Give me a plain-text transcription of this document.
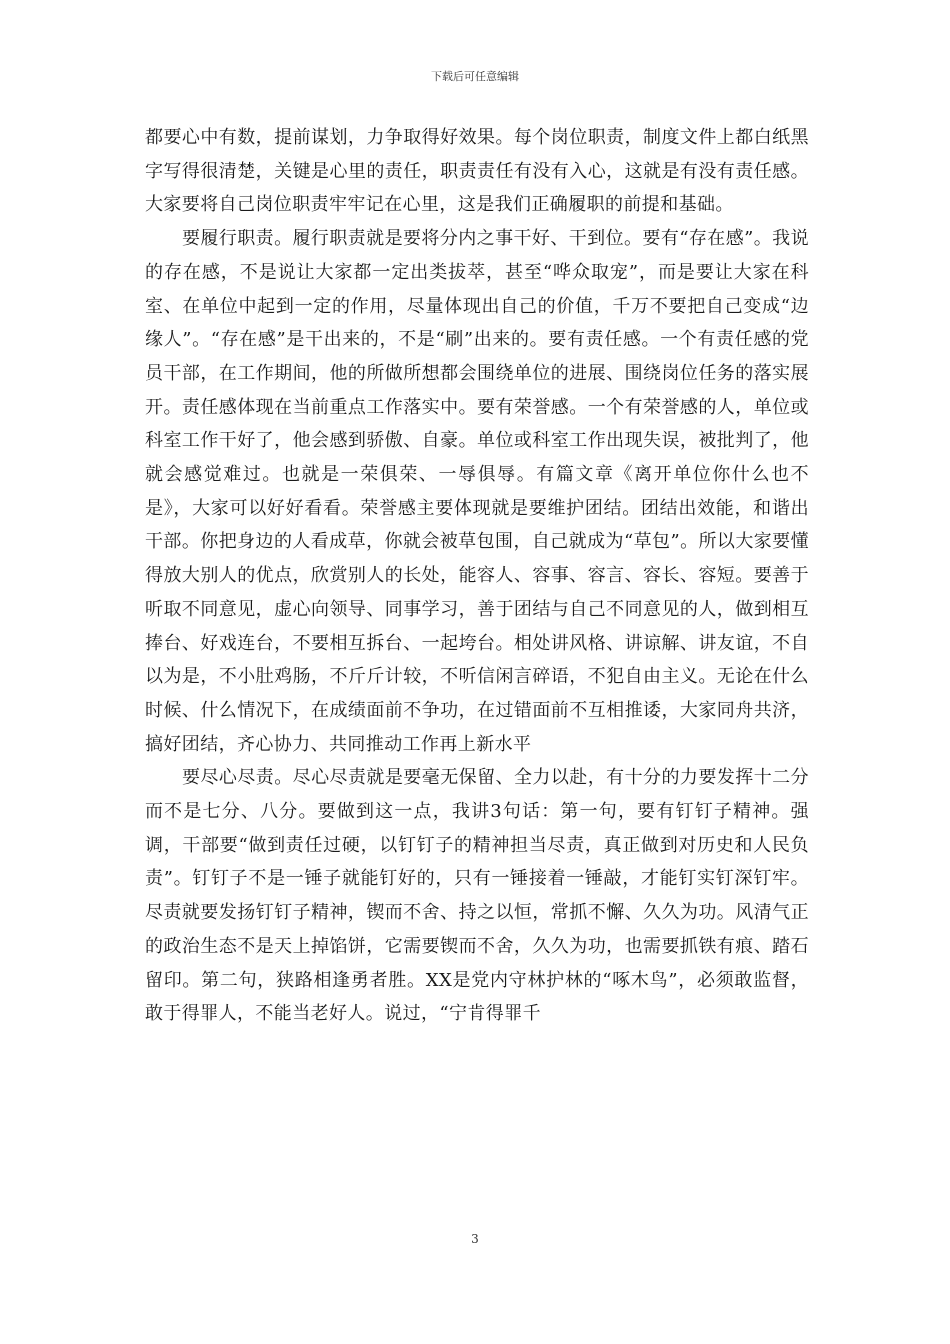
下载后可任意编辑

都要心中有数，提前谋划，力争取得好效果。每个岗位职责，制度文件上都白纸黑字写得很清楚，关键是心里的责任，职责责任有没有入心，这就是有没有责任感。大家要将自己岗位职责牢牢记在心里，这是我们正确履职的前提和基础。

要履行职责。履行职责就是要将分内之事干好、干到位。要有“存在感”。我说的存在感，不是说让大家都一定出类拔萃，甚至“哗众取宠”，而是要让大家在科室、在单位中起到一定的作用，尽量体现出自己的价值，千万不要把自己变成“边缘人”。“存在感”是干出来的，不是“刷”出来的。要有责任感。一个有责任感的党员干部，在工作期间，他的所做所想都会围绕单位的进展、围绕岗位任务的落实展开。责任感体现在当前重点工作落实中。要有荣誉感。一个有荣誉感的人，单位或科室工作干好了，他会感到骄傲、自豪。单位或科室工作出现失误，被批判了，他就会感觉难过。也就是一荣俱荣、一辱俱辱。有篇文章《离开单位你什么也不是》，大家可以好好看看。荣誉感主要体现就是要维护团结。团结出效能，和谐出干部。你把身边的人看成草，你就会被草包围，自己就成为“草包”。所以大家要懂得放大别人的优点，欣赏别人的长处，能容人、容事、容言、容长、容短。要善于听取不同意见，虚心向领导、同事学习，善于团结与自己不同意见的人，做到相互捧台、好戏连台，不要相互拆台、一起垮台。相处讲风格、讲谅解、讲友谊，不自以为是，不小肚鸡肠，不斤斤计较，不听信闲言碎语，不犯自由主义。无论在什么时候、什么情况下，在成绩面前不争功，在过错面前不互相推诿，大家同舟共济，搞好团结，齐心协力、共同推动工作再上新水平

要尽心尽责。尽心尽责就是要毫无保留、全力以赴，有十分的力要发挥十二分而不是七分、八分。要做到这一点，我讲3句话：第一句，要有钉钉子精神。强调，干部要“做到责任过硬，以钉钉子的精神担当尽责，真正做到对历史和人民负责”。钉钉子不是一锤子就能钉好的，只有一锤接着一锤敲，才能钉实钉深钉牢。尽责就要发扬钉钉子精神，锲而不舍、持之以恒，常抓不懈、久久为功。风清气正的政治生态不是天上掉馅饼，它需要锲而不舍，久久为功，也需要抓铁有痕、踏石留印。第二句，狭路相逢勇者胜。XX是党内守林护林的“啄木鸟”，必须敢监督，敢于得罪人，不能当老好人。说过，“宁肯得罪千

3
